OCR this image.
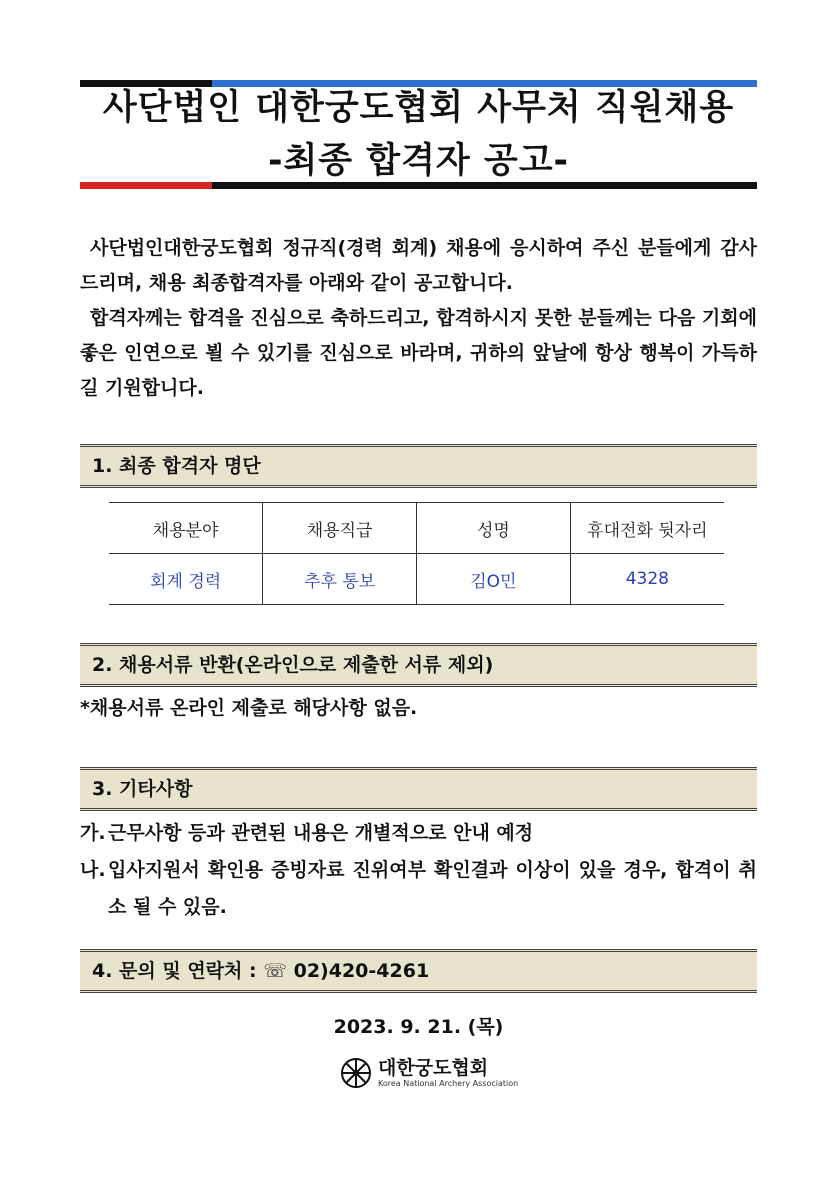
사단법인 대한궁도협회 사무처 직원채용
-최종 합격자 공고-

사단법인대한궁도협회 정규직(경력 회계) 채용에 응시하여 주신 분들에게 감사드리며, 채용 최종합격자를 아래와 같이 공고합니다.

합격자께는 합격을 진심으로 축하드리고, 합격하시지 못한 분들께는 다음 기회에 좋은 인연으로 뵐 수 있기를 진심으로 바라며, 귀하의 앞날에 항상 행복이 가득하길 기원합니다.

1. 최종 합격자 명단
채용분야	채용직급	성명	휴대전화 뒷자리
회계 경력	추후 통보	김O민	4328
2. 채용서류 반환(온라인으로 제출한 서류 제외)
*채용서류 온라인 제출로 해당사항 없음.
3. 기타사항
가. 근무사항 등과 관련된 내용은 개별적으로 안내 예정
나. 입사지원서 확인용 증빙자료 진위여부 확인결과 이상이 있을 경우, 합격이 취소 될 수 있음.
4. 문의 및 연락처 : ☏ 02)420-4261
2023. 9. 21. (목)
대한궁도협회
Korea National Archery Association
